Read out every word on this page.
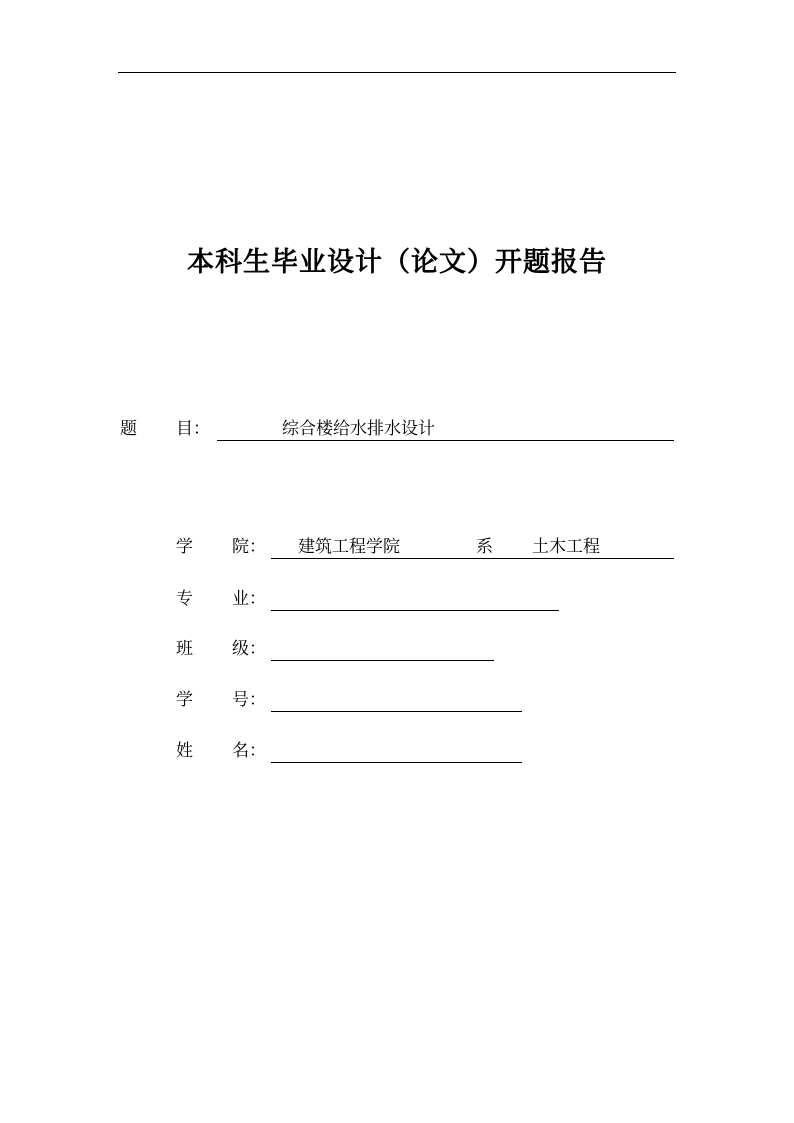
本科生毕业设计（论文）开题报告
题 目：	综合楼给水排水设计
学 院： 建筑工程学院	系 土木工程
专 业：
班 级：
学 号：
姓 名：
